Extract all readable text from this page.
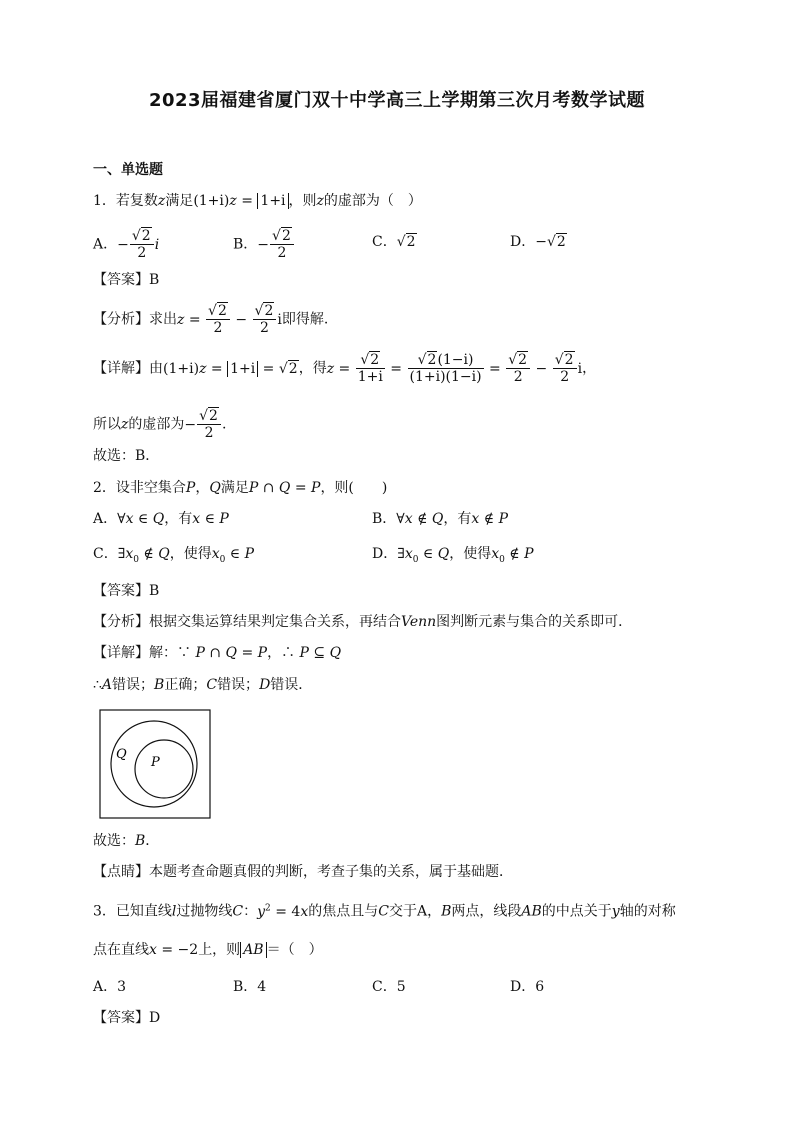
2023届福建省厦门双十中学高三上学期第三次月考数学试题
一、单选题
1．若复数z满足(1+i)z = 1+i ，则z的虚部为（　）
A．− $\frac{√2}{2}$ i	B．− $\frac{√2}{2}$	C．√2	D．−√2
【答案】B
【分析】求出$z = \frac{√2}{2} - \frac{√2}{2}$ i即得解.
【详解】由(1+i)z = 1+i = √2，得$z = \frac{√2}{1+i} = \frac{√2(1-i)}{(1+i)(1-i)} = \frac{√2}{2} - \frac{√2}{2}$ i，
所以z的虚部为− $\frac{√2}{2}$ .
故选：B．
2．设非空集合P，Q满足P ∩ Q = P，则(　　)
A．∀x ∈ Q，有x ∈ P	B．∀x ∉ Q，有x ∉ P
C．$\exists x_0$ ∉ Q，使得$x_0$ ∈ P	D．$\exists x_0$ ∈ Q，使得$x_0$ ∉ P
【答案】B
【分析】根据交集运算结果判定集合关系，再结合Venn图判断元素与集合的关系即可．
【详解】解：∵ P ∩ Q = P，∴ P ⊆ Q
∴A错误；B正确；C错误；D错误．
Q
P
故选：B．
【点睛】本题考查命题真假的判断，考查子集的关系，属于基础题．
3．已知直线l过抛物线C：$y^2 = 4x$的焦点且与C交于A，B两点，线段AB的中点关于y轴的对称
点在直线x = −2上，则 AB ＝（　）
A．3	B．4	C．5	D．6
【答案】D
